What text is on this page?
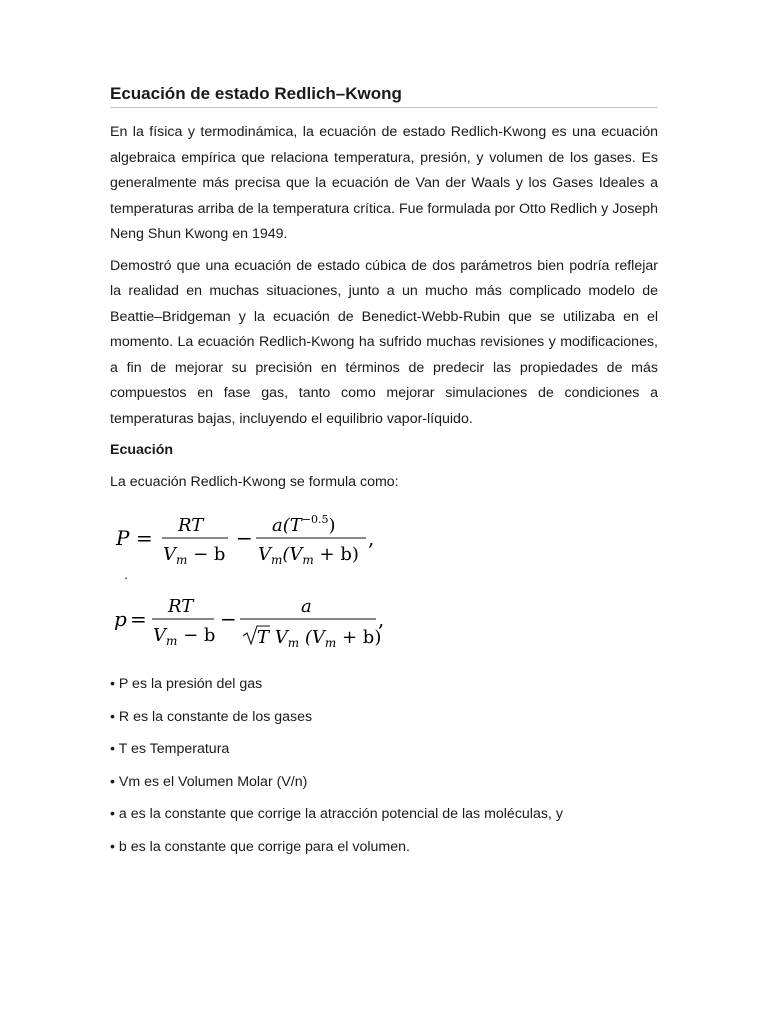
Ecuación de estado Redlich–Kwong

En la física y termodinámica, la ecuación de estado Redlich-Kwong es una ecuación algebraica empírica que relaciona temperatura, presión, y volumen de los gases. Es generalmente más precisa que la ecuación de Van der Waals y los Gases Ideales a temperaturas arriba de la temperatura crítica. Fue formulada por Otto Redlich y Joseph Neng Shun Kwong en 1949.

Demostró que una ecuación de estado cúbica de dos parámetros bien podría reflejar la realidad en muchas situaciones, junto a un mucho más complicado modelo de Beattie–Bridgeman y la ecuación de Benedict-Webb-Rubin que se utilizaba en el momento. La ecuación Redlich-Kwong ha sufrido muchas revisiones y modificaciones, a fin de mejorar su precisión en términos de predecir las propiedades de más compuestos en fase gas, tanto como mejorar simulaciones de condiciones a temperaturas bajas, incluyendo el equilibrio vapor-líquido.

Ecuación

La ecuación Redlich-Kwong se formula como:

P =
RT
$V_m - b$
−
$a(T^{-0.5})$
$V_m(V_m + b)$
,
.
p =
RT
$V_m - b$
−
a
T $V_m$ $(V_m + b)$
,
• P es la presión del gas
• R es la constante de los gases
• T es Temperatura
• Vm es el Volumen Molar (V/n)
• a es la constante que corrige la atracción potencial de las moléculas, y
• b es la constante que corrige para el volumen.
